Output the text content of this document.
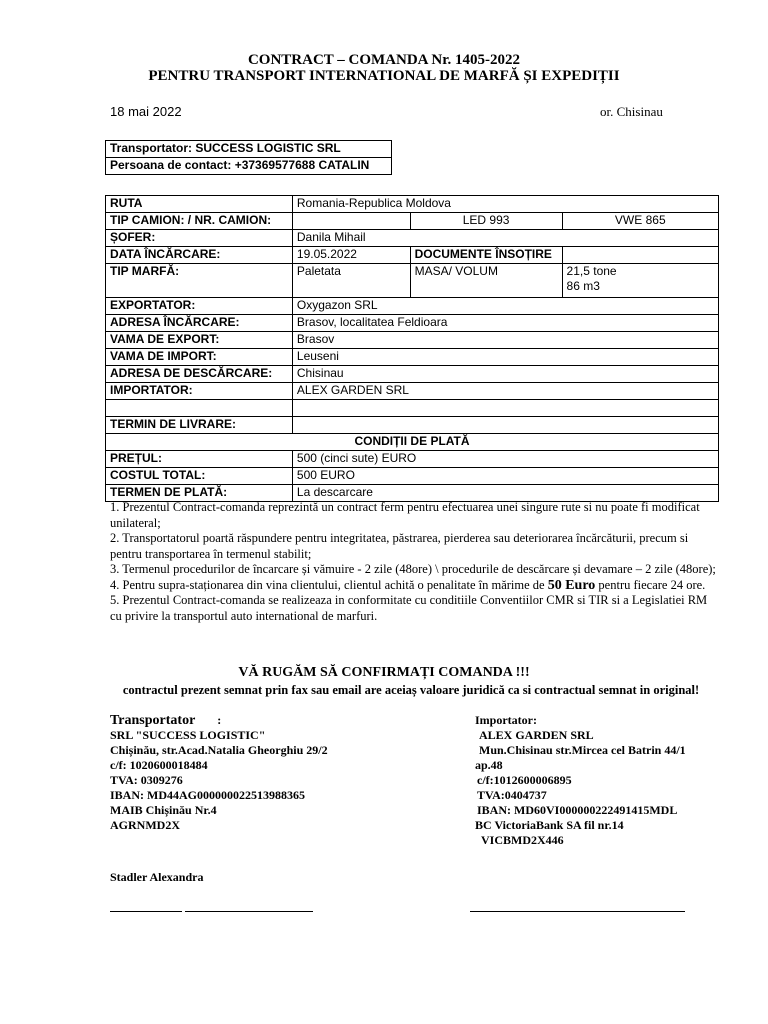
CONTRACT – COMANDA Nr. 1405-2022
PENTRU TRANSPORT INTERNATIONAL DE MARFĂ ȘI EXPEDIȚII
18 mai 2022	or. Chisinau
Transportator: SUCCESS LOGISTIC SRL
Persoana de contact: +37369577688 CATALIN
RUTA	Romania-Republica Moldova		
TIP CAMION: / NR. CAMION:		LED 993	VWE 865
ȘOFER:	Danila Mihail		
DATA ÎNCĂRCARE:	19.05.2022	DOCUMENTE ÎNSOȚIRE	
TIP MARFĂ:	Paletata	MASA/ VOLUM	21,5 tone
86 m3

EXPORTATOR:	Oxygazon SRL		
ADRESA ÎNCĂRCARE:	Brasov, localitatea Feldioara		
VAMA DE EXPORT:	Brasov		
VAMA DE IMPORT:	Leuseni		
ADRESA DE DESCĂRCARE:	Chisinau		
IMPORTATOR:	ALEX GARDEN SRL		

TERMIN DE LIVRARE:			
CONDIȚII DE PLATĂ			
PREȚUL:	500 (cinci sute) EURO		
COSTUL TOTAL:	500 EURO		
TERMEN DE PLATĂ:	La descarcare		

1. Prezentul Contract-comanda reprezintă un contract ferm pentru efectuarea unei singure rute si nu poate fi modificat unilateral;

2. Transportatorul poartă răspundere pentru integritatea, păstrarea, pierderea sau deteriorarea încărcăturii, precum si pentru transportarea în termenul stabilit;

3. Termenul procedurilor de încarcare și vămuire - 2 zile (48ore) \ procedurile de descărcare și devamare – 2 zile (48ore);

4. Pentru supra-staționarea din vina clientului, clientul achită o penalitate în mărime de 50 Euro pentru fiecare 24 ore.

5. Prezentul Contract-comanda se realizeaza in conformitate cu conditiile Conventiilor CMR si TIR si a Legislatiei RM cu privire la transportul auto international de marfuri.

VĂ RUGĂM SĂ CONFIRMAȚI COMANDA !!!
contractul prezent semnat prin fax sau email are aceiaș valoare juridică ca si contractual semnat in original!
Transportator :
SRL "SUCCESS LOGISTIC"
Chișinău, str.Acad.Natalia Gheorghiu 29/2
c/f: 1020600018484
TVA: 0309276
IBAN: MD44AG000000022513988365
MAIB Chișinău Nr.4
AGRNMD2X
Importator:
ALEX GARDEN SRL
Mun.Chisinau str.Mircea cel Batrin 44/1
ap.48
c/f:1012600006895
TVA:0404737
IBAN: MD60VI000000222491415MDL
BC VictoriaBank SA fil nr.14
VICBMD2X446
Stadler Alexandra
